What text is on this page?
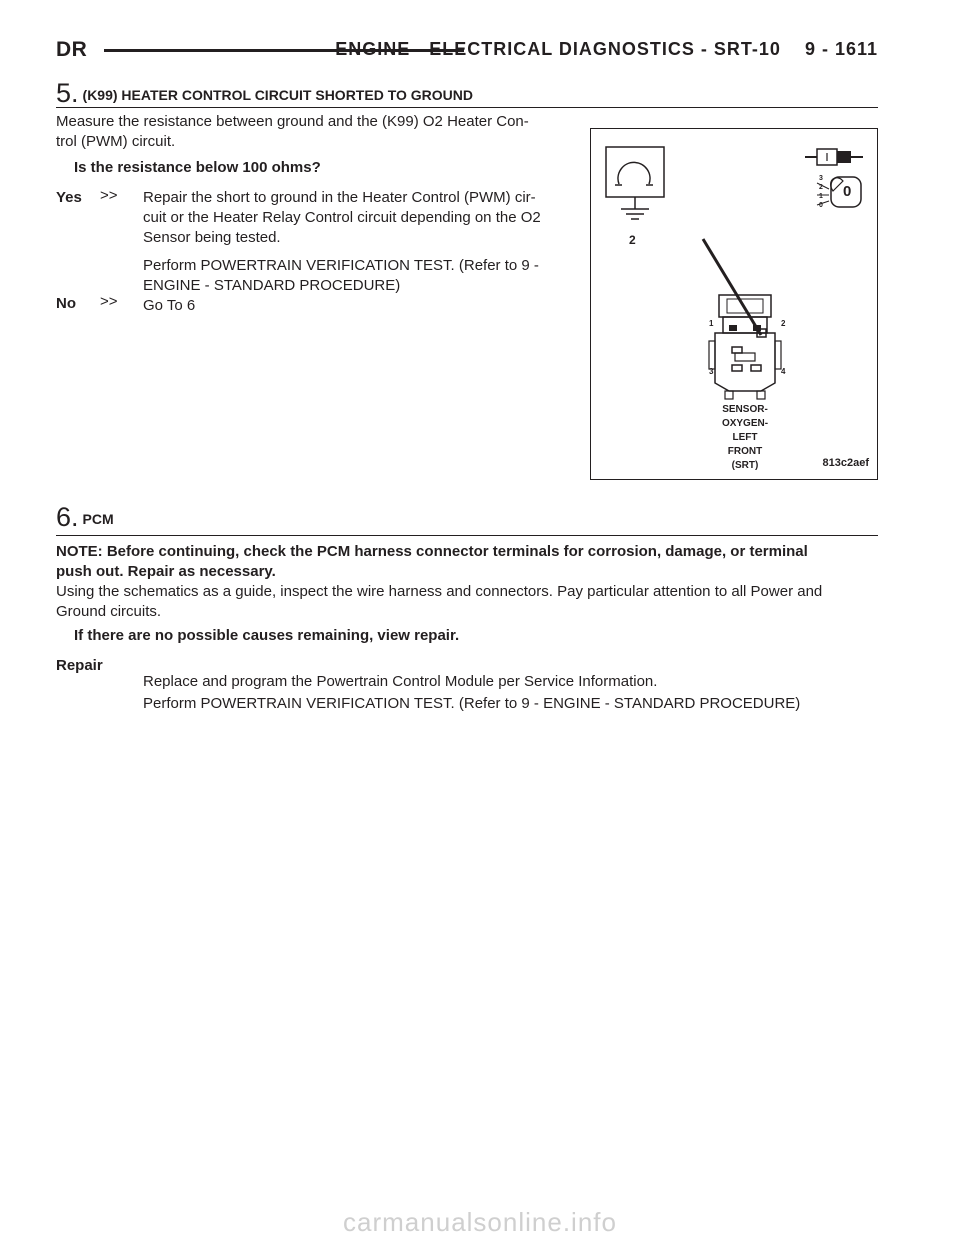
DR	ENGINE - ELECTRICAL DIAGNOSTICS - SRT-10 9 - 1611
5. (K99) HEATER CONTROL CIRCUIT SHORTED TO GROUND
Measure the resistance between ground and the (K99) O2 Heater Con-
trol (PWM) circuit.
Is the resistance below 100 ohms?
Yes >> Repair the short to ground in the Heater Control (PWM) cir-
cuit or the Heater Relay Control circuit depending on the O2
Sensor being tested.
Perform POWERTRAIN VERIFICATION TEST. (Refer to 9 -
ENGINE - STANDARD PROCEDURE)
No >> Go To 6
2
3
2
1
0
0
1	2
3	4
SENSOR-
OXYGEN-
LEFT
FRONT
(SRT)	813c2aef
6. PCM
NOTE: Before continuing, check the PCM harness connector terminals for corrosion, damage, or terminal
push out. Repair as necessary.
Using the schematics as a guide, inspect the wire harness and connectors. Pay particular attention to all Power and
Ground circuits.
If there are no possible causes remaining, view repair.
Repair
Replace and program the Powertrain Control Module per Service Information.
Perform POWERTRAIN VERIFICATION TEST. (Refer to 9 - ENGINE - STANDARD PROCEDURE)
carmanualsonline.info
